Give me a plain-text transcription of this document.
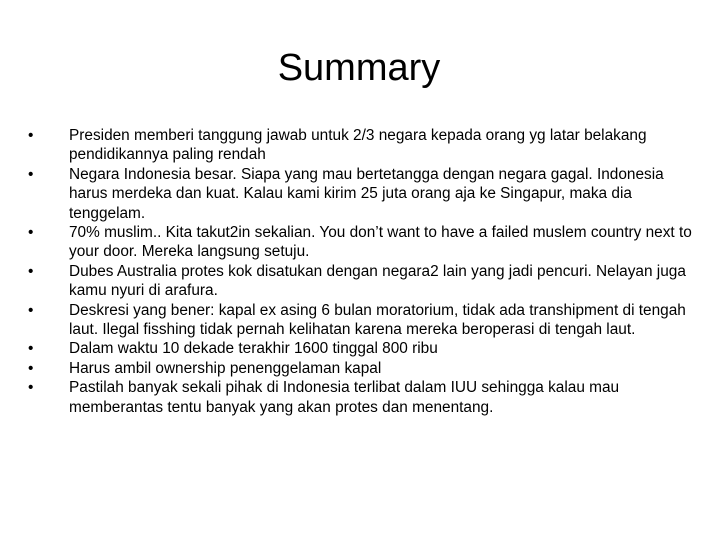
Summary
•	Presiden memberi tanggung jawab untuk 2/3 negara kepada orang yg latar belakang pendidikannya paling rendah
•	Negara Indonesia besar. Siapa yang mau bertetangga dengan negara gagal. Indonesia harus merdeka dan kuat. Kalau kami kirim 25 juta orang aja ke Singapur, maka dia tenggelam.
•	70% muslim.. Kita takut2in sekalian. You don’t want to have a failed muslem country next to your door. Mereka langsung setuju.
•	Dubes Australia protes kok disatukan dengan negara2 lain yang jadi pencuri. Nelayan juga kamu nyuri di arafura.
•	Deskresi yang bener: kapal ex asing 6 bulan moratorium, tidak ada transhipment di tengah laut. Ilegal fisshing tidak pernah kelihatan karena mereka beroperasi di tengah laut.
•	Dalam waktu 10 dekade terakhir 1600 tinggal 800 ribu
•	Harus ambil ownership penenggelaman kapal
•	Pastilah banyak sekali pihak di Indonesia terlibat dalam IUU sehingga kalau mau memberantas tentu banyak yang akan protes dan menentang.
